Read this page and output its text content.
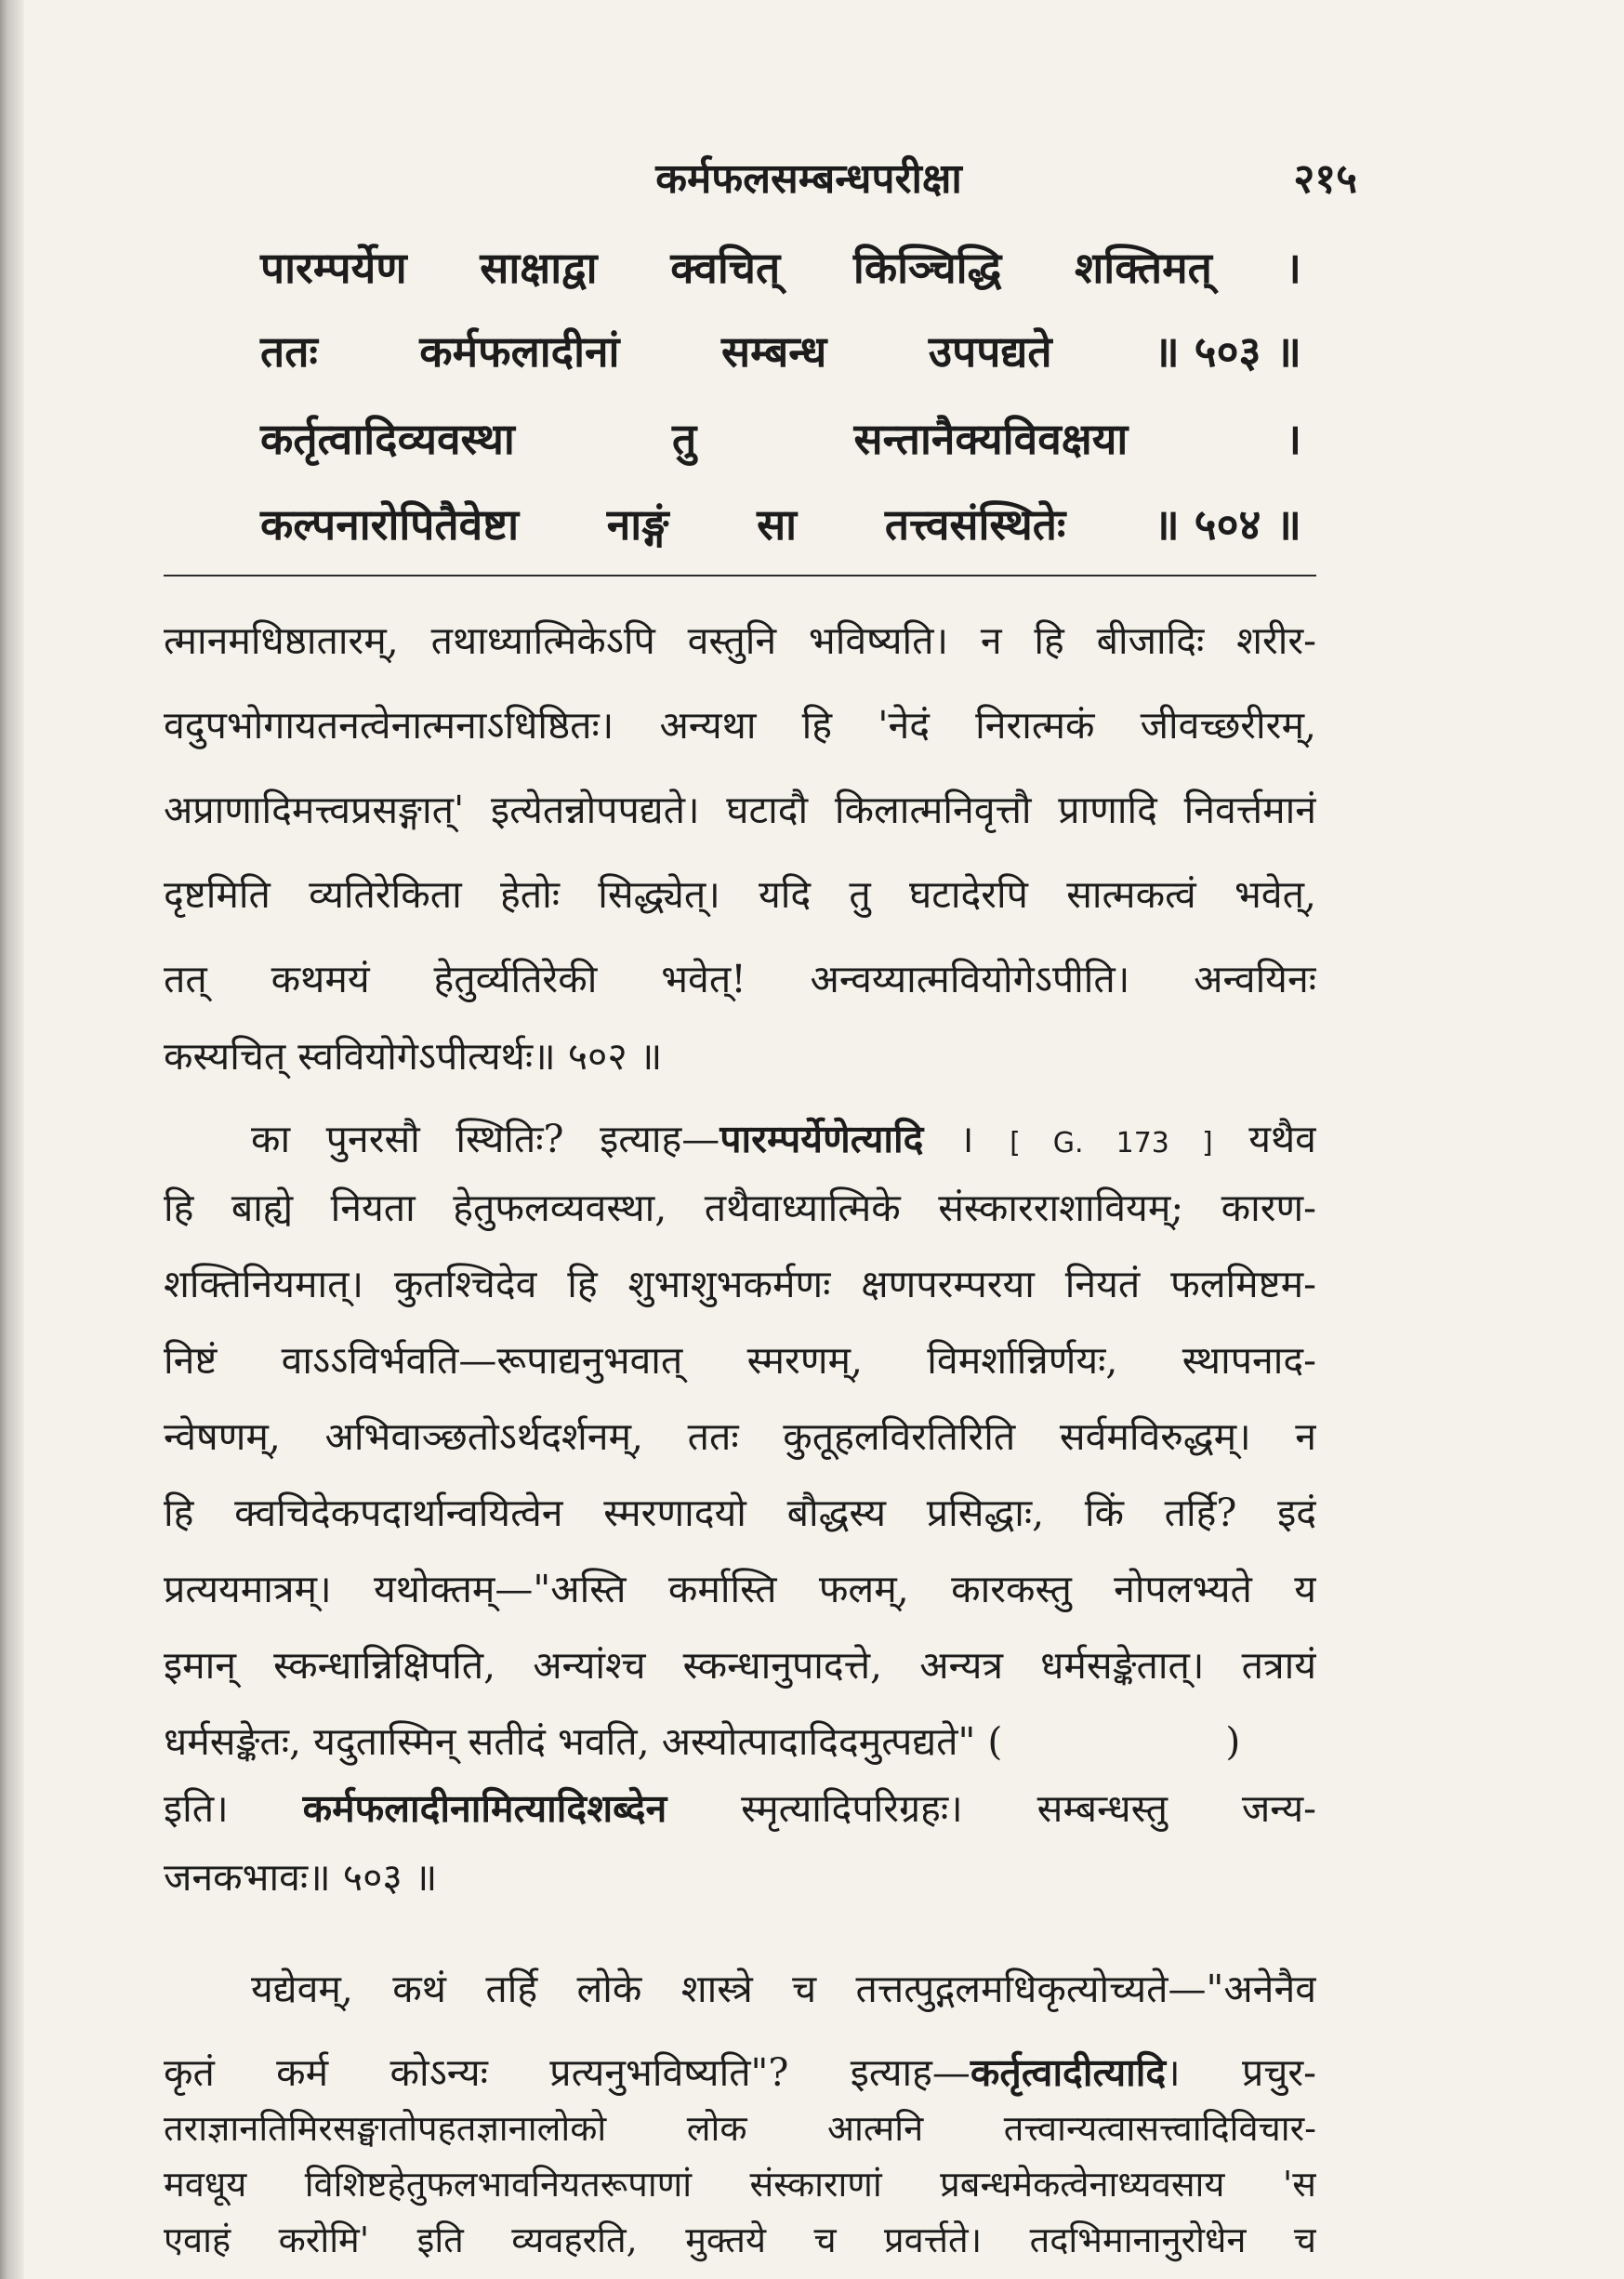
कर्मफलसम्बन्धपरीक्षा	२१५
पारम्पर्येण साक्षाद्वा क्वचित् किञ्चिद्धि शक्तिमत् ।
ततः कर्मफलादीनां सम्बन्ध उपपद्यते ॥ ५०३ ॥
कर्तृत्वादिव्यवस्था	तु	सन्तानैक्यविवक्षया	।
कल्पनारोपितैवेष्टा नाङ्गं सा तत्त्वसंस्थितेः ॥ ५०४ ॥
त्मानमधिष्ठातारम्, तथाध्यात्मिकेऽपि वस्तुनि भविष्यति। न हि बीजादिः शरीर-
वदुपभोगायतनत्वेनात्मनाऽधिष्ठितः। अन्यथा हि 'नेदं निरात्मकं जीवच्छरीरम्,
अप्राणादिमत्त्वप्रसङ्गात्' इत्येतन्नोपपद्यते। घटादौ किलात्मनिवृत्तौ प्राणादि निवर्त्तमानं
दृष्टमिति व्यतिरेकिता हेतोः सिद्ध्येत्। यदि तु घटादेरपि सात्मकत्वं भवेत्,
तत् कथमयं हेतुर्व्यतिरेकी भवेत्! अन्वय्यात्मवियोगेऽपीति। अन्वयिनः
कस्यचित् स्ववियोगेऽपीत्यर्थः॥ ५०२ ॥
का पुनरसौ स्थितिः? इत्याह—पारम्पर्येणेत्यादि । [ G. 173 ] यथैव
हि बाह्ये नियता हेतुफलव्यवस्था, तथैवाध्यात्मिके संस्कारराशावियम्; कारण-
शक्तिनियमात्। कुतश्चिदेव हि शुभाशुभकर्मणः क्षणपरम्परया नियतं फलमिष्टम-
निष्टं वाऽऽविर्भवति—रूपाद्यनुभवात् स्मरणम्, विमर्शान्निर्णयः, स्थापनाद-
न्वेषणम्, अभिवाञ्छतोऽर्थदर्शनम्, ततः कुतूहलविरतिरिति सर्वमविरुद्धम्। न
हि क्वचिदेकपदार्थान्वयित्वेन स्मरणादयो बौद्धस्य प्रसिद्धाः, किं तर्हि? इदं
प्रत्ययमात्रम्। यथोक्तम्—"अस्ति कर्मास्ति फलम्, कारकस्तु नोपलभ्यते य
इमान् स्कन्धान्निक्षिपति, अन्यांश्च स्कन्धानुपादत्ते, अन्यत्र धर्मसङ्केतात्। तत्रायं
धर्मसङ्केतः, यदुतास्मिन् सतीदं भवति, अस्योत्पादादिदमुत्पद्यते" (	)
इति। कर्मफलादीनामित्यादिशब्देन स्मृत्यादिपरिग्रहः। सम्बन्धस्तु जन्य-
जनकभावः॥ ५०३ ॥
यद्येवम्, कथं तर्हि लोके शास्त्रे च तत्तत्पुद्गलमधिकृत्योच्यते—"अनेनैव
कृतं कर्म कोऽन्यः प्रत्यनुभविष्यति"? इत्याह—कर्तृत्वादीत्यादि। प्रचुर-
तराज्ञानतिमिरसङ्घातोपहतज्ञानालोको लोक आत्मनि तत्त्वान्यत्वासत्त्वादिविचार-
मवधूय विशिष्टहेतुफलभावनियतरूपाणां संस्काराणां प्रबन्धमेकत्वेनाध्यवसाय 'स
एवाहं करोमि' इति व्यवहरति, मुक्तये च प्रवर्त्तते। तदभिमानानुरोधेन च
